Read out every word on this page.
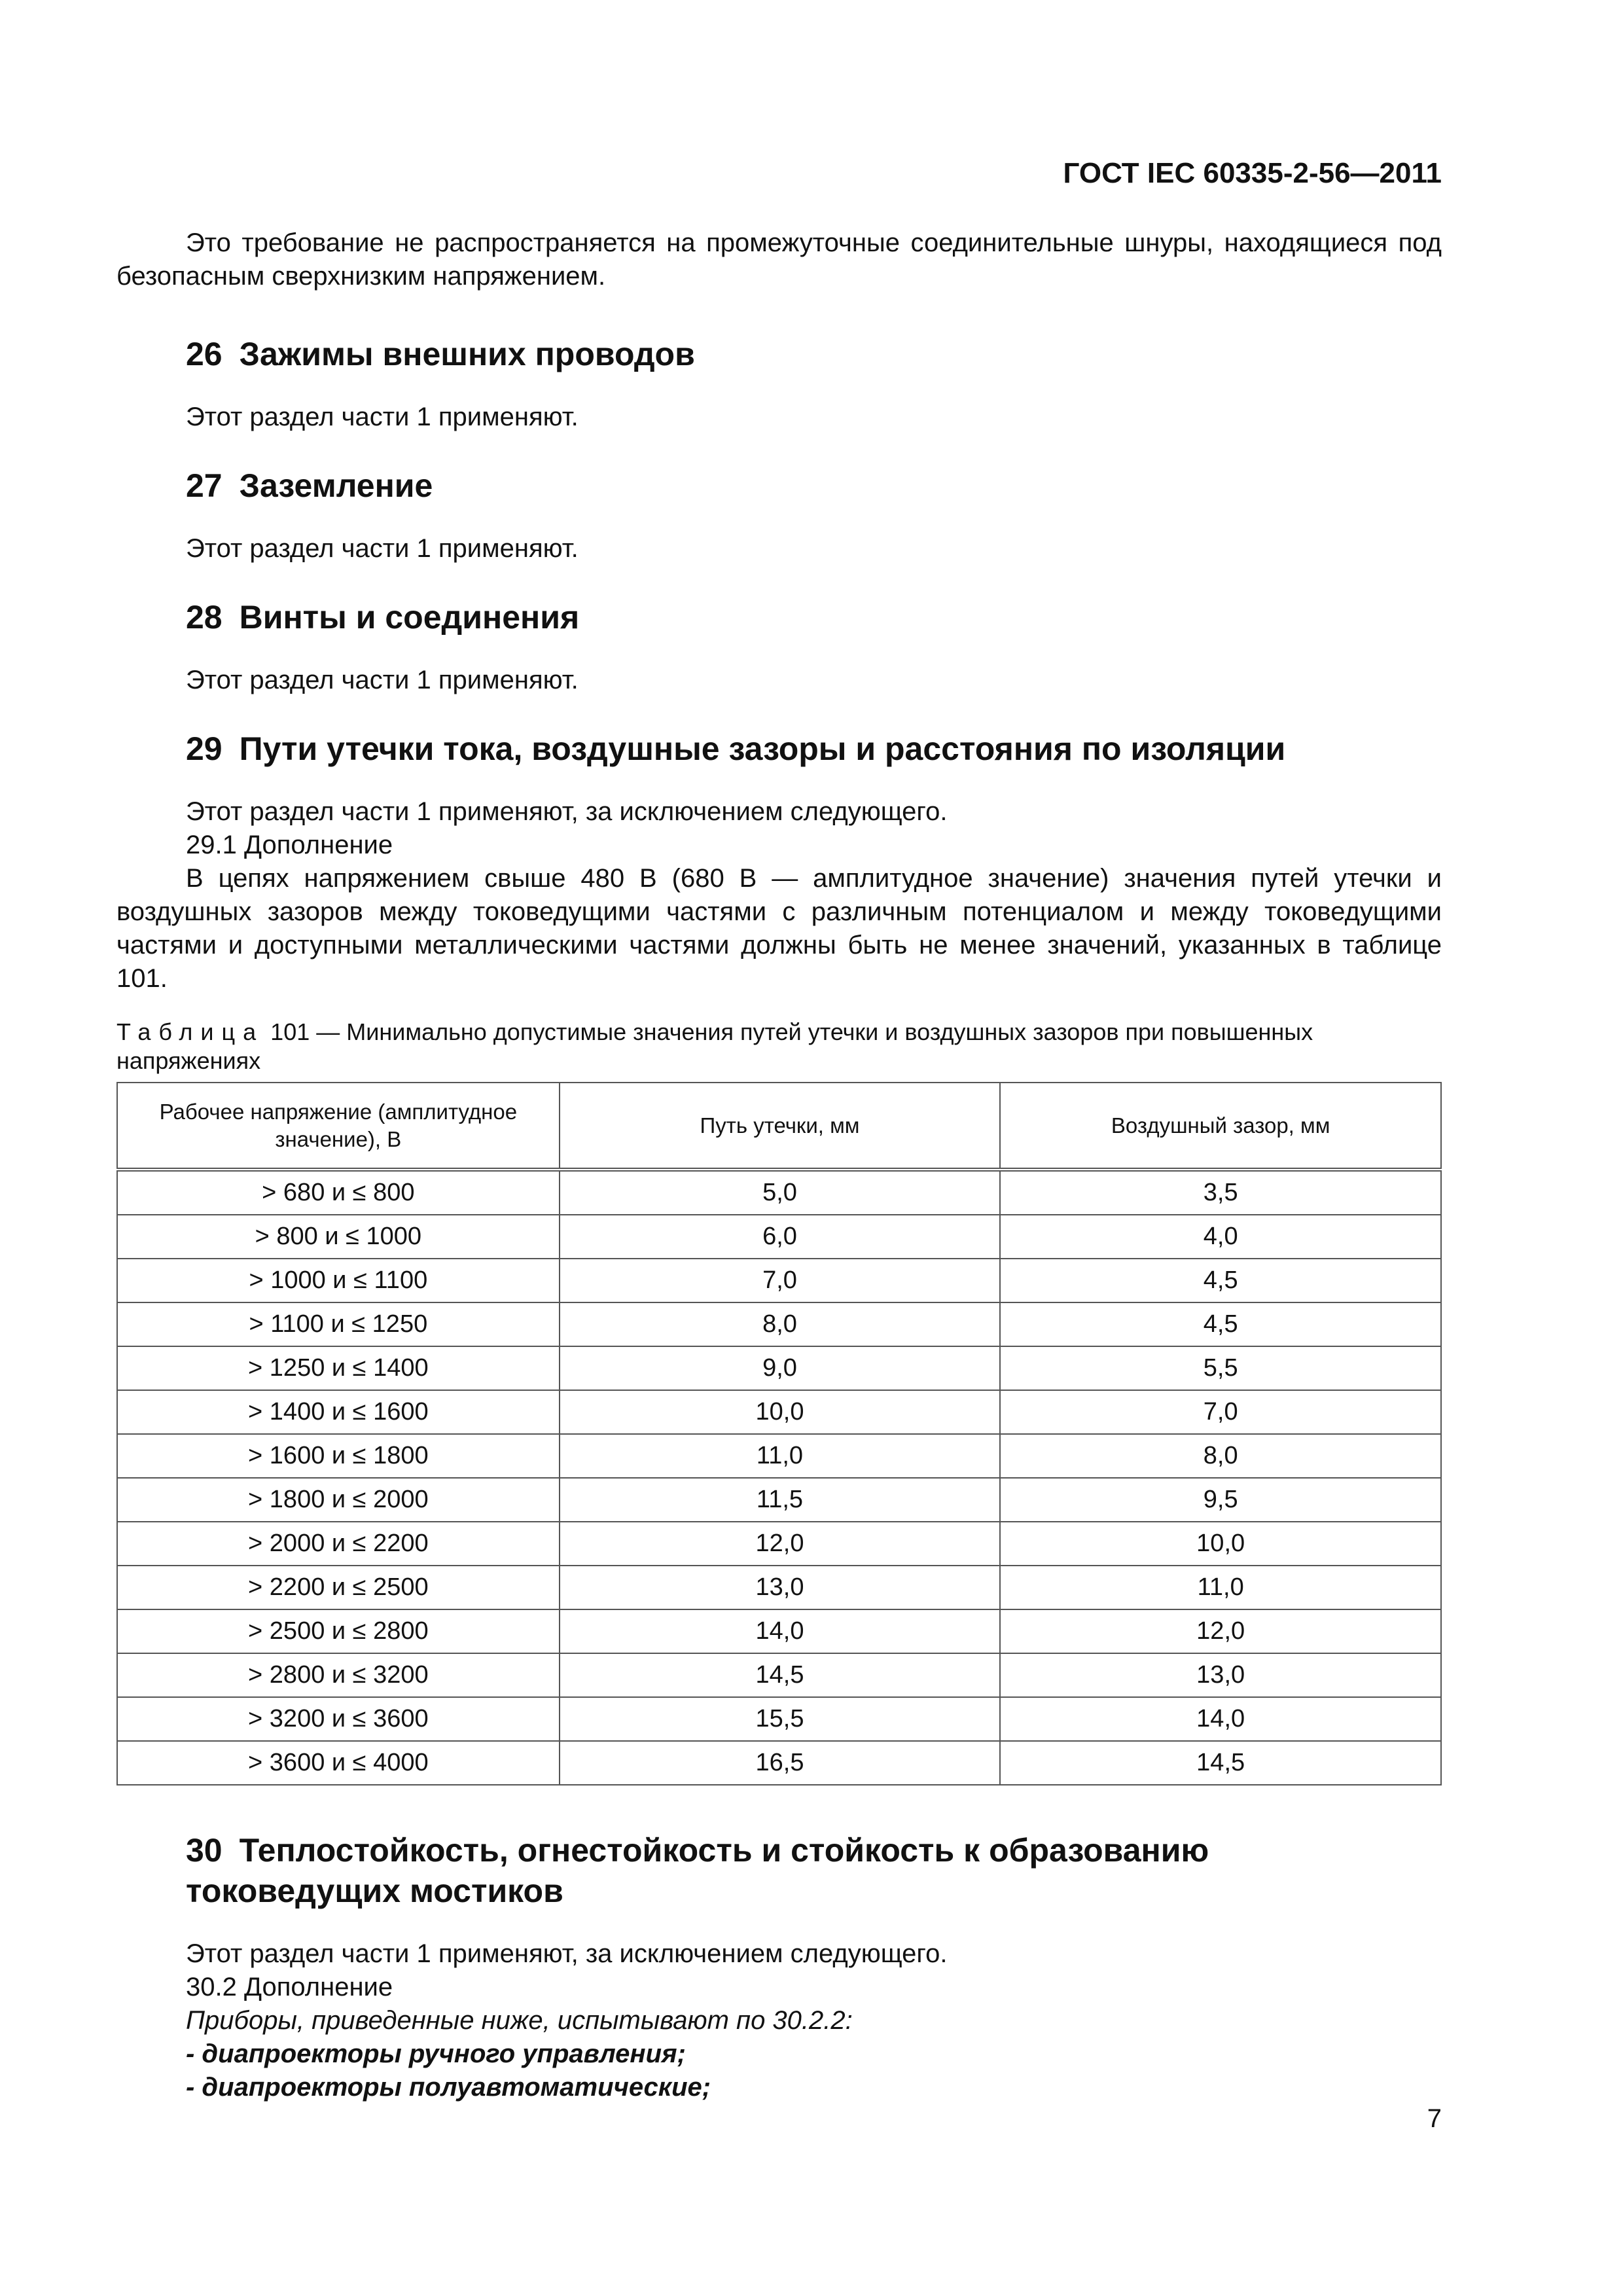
ГОСТ IEC 60335-2-56—2011

Это требование не распространяется на промежуточные соединительные шнуры, находящиеся под безопасным сверхнизким напряжением.

26 Зажимы внешних проводов

Этот раздел части 1 применяют.

27 Заземление

Этот раздел части 1 применяют.

28 Винты и соединения

Этот раздел части 1 применяют.

29 Пути утечки тока, воздушные зазоры и расстояния по изоляции

Этот раздел части 1 применяют, за исключением следующего.

29.1 Дополнение

В цепях напряжением свыше 480 В (680 В — амплитудное значение) значения путей утечки и воздушных зазоров между токоведущими частями с различным потенциалом и между токоведущими частями и доступными металлическими частями должны быть не менее значений, указанных в таблице 101.

Таблица 101 — Минимально допустимые значения путей утечки и воздушных зазоров при повышенных напряжениях

Рабочее напряжение (амплитудное значение), В	Путь утечки, мм	Воздушный зазор, мм
> 680 и ≤ 800	5,0	3,5
> 800 и ≤ 1000	6,0	4,0
> 1000 и ≤ 1100	7,0	4,5
> 1100 и ≤ 1250	8,0	4,5
> 1250 и ≤ 1400	9,0	5,5
> 1400 и ≤ 1600	10,0	7,0
> 1600 и ≤ 1800	11,0	8,0
> 1800 и ≤ 2000	11,5	9,5
> 2000 и ≤ 2200	12,0	10,0
> 2200 и ≤ 2500	13,0	11,0
> 2500 и ≤ 2800	14,0	12,0
> 2800 и ≤ 3200	14,5	13,0
> 3200 и ≤ 3600	15,5	14,0
> 3600 и ≤ 4000	16,5	14,5
30 Теплостойкость, огнестойкость и стойкость к образованию
токоведущих мостиков

Этот раздел части 1 применяют, за исключением следующего.

30.2 Дополнение

Приборы, приведенные ниже, испытывают по 30.2.2:

- диапроекторы ручного управления;

- диапроекторы полуавтоматические;

7
